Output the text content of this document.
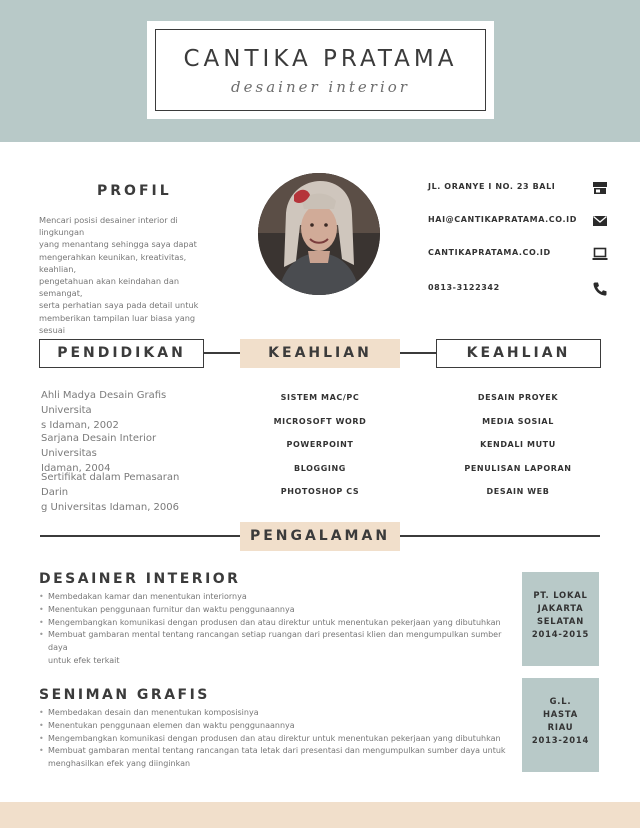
CANTIKA PRATAMA
desainer interior
PROFIL
Mencari posisi desainer interior di lingkungan
yang menantang sehingga saya dapat
mengerahkan keunikan, kreativitas, keahlian,
pengetahuan akan keindahan dan semangat,
serta perhatian saya pada detail untuk
memberikan tampilan luar biasa yang sesuai
JL. ORANYE I NO. 23 BALI
HAI@CANTIKAPRATAMA.CO.ID
CANTIKAPRATAMA.CO.ID
0813-3122342
PENDIDIKAN	KEAHLIAN	KEAHLIAN
Ahli Madya Desain Grafis Universita
s Idaman, 2002
Sarjana Desain Interior Universitas
Idaman, 2004
Sertifikat dalam Pemasaran Darin
g Universitas Idaman, 2006
SISTEM MAC/PC
MICROSOFT WORD
POWERPOINT
BLOGGING
PHOTOSHOP CS
DESAIN PROYEK
MEDIA SOSIAL
KENDALI MUTU
PENULISAN LAPORAN
DESAIN WEB
PENGALAMAN
DESAINER INTERIOR
• Membedakan kamar dan menentukan interiornya
• Menentukan penggunaan furnitur dan waktu penggunaannya
• Mengembangkan komunikasi dengan produsen dan atau direktur untuk menentukan pekerjaan yang dibutuhkan
• Membuat gambaran mental tentang rancangan setiap ruangan dari presentasi klien dan mengumpulkan sumber daya
untuk efek terkait
PT. LOKAL
JAKARTA
SELATAN
2014-2015
SENIMAN GRAFIS
• Membedakan desain dan menentukan komposisinya
• Menentukan penggunaan elemen dan waktu penggunaannya
• Mengembangkan komunikasi dengan produsen dan atau direktur untuk menentukan pekerjaan yang dibutuhkan
• Membuat gambaran mental tentang rancangan tata letak dari presentasi dan mengumpulkan sumber daya untuk
menghasilkan efek yang diinginkan
G.L.
HASTA
RIAU
2013-2014
